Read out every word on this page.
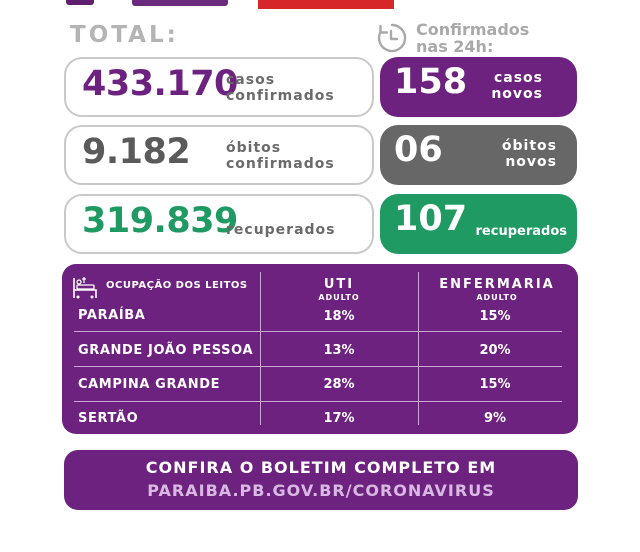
TOTAL:	Confirmados
nas 24h:
433.170
casos
confirmados
9.182	óbitos
confirmados
319.839
recuperados
158 casos
novos
06	óbitos
novos
107 recuperados
OCUPAÇÃO DOS LEITOS	UTI
ADULTO
ENFERMARIA
ADULTO
PARAÍBA	18%	15%
GRANDE JOÃO PESSOA	13%	20%
CAMPINA GRANDE	28%	15%
SERTÃO	17%	9%
CONFIRA O BOLETIM COMPLETO EM
PARAIBA.PB.GOV.BR/CORONAVIRUS
